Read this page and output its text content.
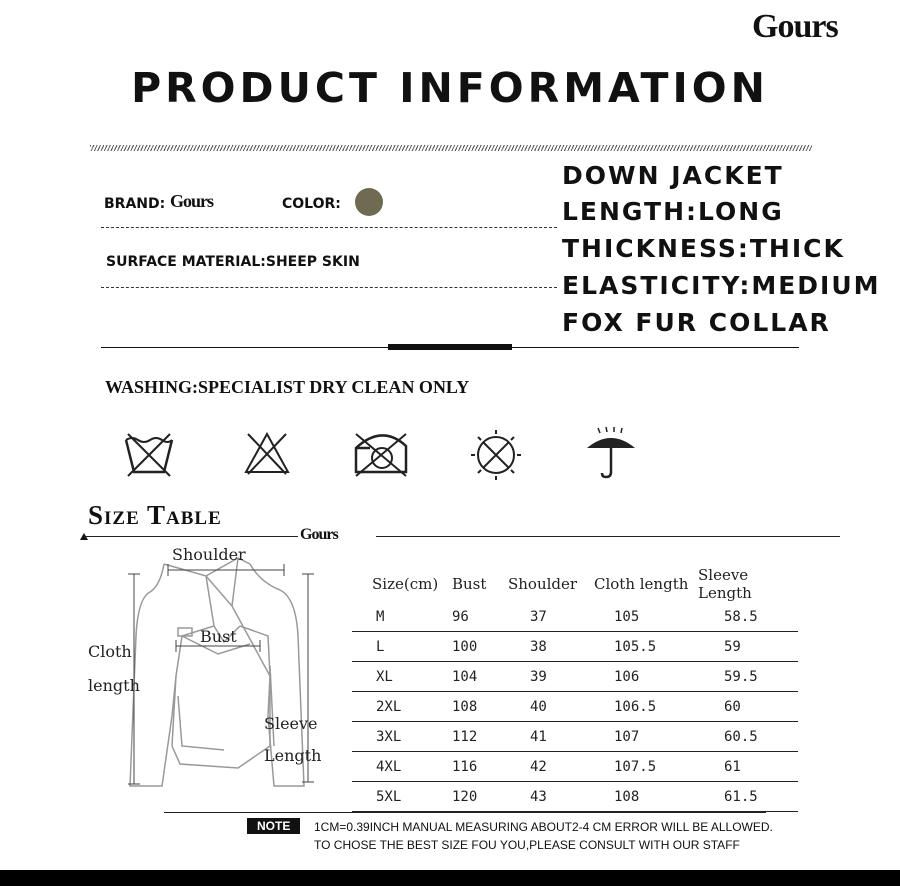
Gours
PRODUCT INFORMATION
BRAND: Gours	COLOR:
SURFACE MATERIAL:SHEEP SKIN
DOWN JACKET
LENGTH:LONG
THICKNESS:THICK
ELASTICITY:MEDIUM
FOX FUR COLLAR
WASHING:SPECIALIST DRY CLEAN ONLY
Size Table
Gours
Shoulder
Bust
Cloth
length
Sleeve
Length
Size(cm)	Bust	Shoulder	Cloth length	Sleeve Length
M	96	37	105	58.5
L	100	38	105.5	59
XL	104	39	106	59.5
2XL	108	40	106.5	60
3XL	112	41	107	60.5
4XL	116	42	107.5	61
5XL	120	43	108	61.5
NOTE	1CM=0.39INCH MANUAL MEASURING ABOUT2-4 CM ERROR WILL BE ALLOWED.
TO CHOSE THE BEST SIZE FOU YOU,PLEASE CONSULT WITH OUR STAFF
